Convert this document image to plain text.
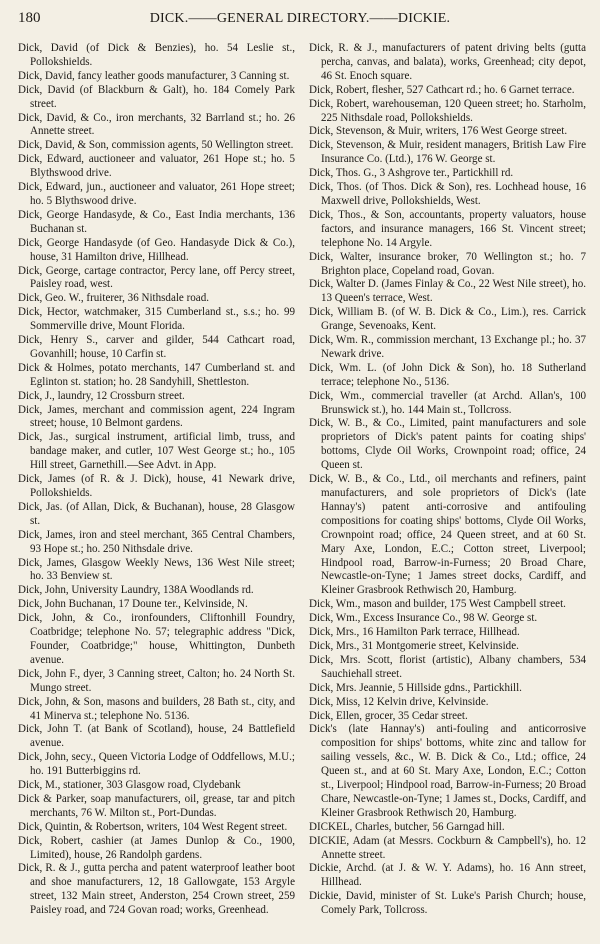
180	DICK.——GENERAL DIRECTORY.——DICKIE.

Dick, David (of Dick & Benzies), ho. 54 Leslie st., Pollokshields.

Dick, David, fancy leather goods manufacturer, 3 Canning st.

Dick, David (of Blackburn & Galt), ho. 184 Comely Park street.

Dick, David, & Co., iron merchants, 32 Barrland st.; ho. 26 Annette street.

Dick, David, & Son, commission agents, 50 Wellington street.

Dick, Edward, auctioneer and valuator, 261 Hope st.; ho. 5 Blythswood drive.

Dick, Edward, jun., auctioneer and valuator, 261 Hope street; ho. 5 Blythswood drive.

Dick, George Handasyde, & Co., East India merchants, 136 Buchanan st.

Dick, George Handasyde (of Geo. Handasyde Dick & Co.), house, 31 Hamilton drive, Hillhead.

Dick, George, cartage contractor, Percy lane, off Percy street, Paisley road, west.

Dick, Geo. W., fruiterer, 36 Nithsdale road.

Dick, Hector, watchmaker, 315 Cumberland st., s.s.; ho. 99 Sommerville drive, Mount Florida.

Dick, Henry S., carver and gilder, 544 Cathcart road, Govanhill; house, 10 Carfin st.

Dick & Holmes, potato merchants, 147 Cumberland st. and Eglinton st. station; ho. 28 Sandyhill, Shettleston.

Dick, J., laundry, 12 Crossburn street.

Dick, James, merchant and commission agent, 224 Ingram street; house, 10 Belmont gardens.

Dick, Jas., surgical instrument, artificial limb, truss, and bandage maker, and cutler, 107 West George st.; ho., 105 Hill street, Garnethill.—See Advt. in App.

Dick, James (of R. & J. Dick), house, 41 Newark drive, Pollokshields.

Dick, Jas. (of Allan, Dick, & Buchanan), house, 28 Glasgow st.

Dick, James, iron and steel merchant, 365 Central Chambers, 93 Hope st.; ho. 250 Nithsdale drive.

Dick, James, Glasgow Weekly News, 136 West Nile street; ho. 33 Benview st.

Dick, John, University Laundry, 138A Woodlands rd.

Dick, John Buchanan, 17 Doune ter., Kelvinside, N.

Dick, John, & Co., ironfounders, Cliftonhill Foundry, Coatbridge; telephone No. 57; telegraphic address "Dick, Founder, Coatbridge;" house, Whittington, Dunbeth avenue.

Dick, John F., dyer, 3 Canning street, Calton; ho. 24 North St. Mungo street.

Dick, John, & Son, masons and builders, 28 Bath st., city, and 41 Minerva st.; telephone No. 5136.

Dick, John T. (at Bank of Scotland), house, 24 Battlefield avenue.

Dick, John, secy., Queen Victoria Lodge of Oddfellows, M.U.; ho. 191 Butterbiggins rd.

Dick, M., stationer, 303 Glasgow road, Clydebank

Dick & Parker, soap manufacturers, oil, grease, tar and pitch merchants, 76 W. Milton st., Port-Dundas.

Dick, Quintin, & Robertson, writers, 104 West Regent street.

Dick, Robert, cashier (at James Dunlop & Co., 1900, Limited), house, 26 Randolph gardens.

Dick, R. & J., gutta percha and patent waterproof leather boot and shoe manufacturers, 12, 18 Gallowgate, 153 Argyle street, 132 Main street, Anderston, 254 Crown street, 259 Paisley road, and 724 Govan road; works, Greenhead.

Dick, R. & J., manufacturers of patent driving belts (gutta percha, canvas, and balata), works, Greenhead; city depot, 46 St. Enoch square.

Dick, Robert, flesher, 527 Cathcart rd.; ho. 6 Garnet terrace.

Dick, Robert, warehouseman, 120 Queen street; ho. Starholm, 225 Nithsdale road, Pollokshields.

Dick, Stevenson, & Muir, writers, 176 West George street.

Dick, Stevenson, & Muir, resident managers, British Law Fire Insurance Co. (Ltd.), 176 W. George st.

Dick, Thos. G., 3 Ashgrove ter., Partickhill rd.

Dick, Thos. (of Thos. Dick & Son), res. Lochhead house, 16 Maxwell drive, Pollokshields, West.

Dick, Thos., & Son, accountants, property valuators, house factors, and insurance managers, 166 St. Vincent street; telephone No. 14 Argyle.

Dick, Walter, insurance broker, 70 Wellington st.; ho. 7 Brighton place, Copeland road, Govan.

Dick, Walter D. (James Finlay & Co., 22 West Nile street), ho. 13 Queen's terrace, West.

Dick, William B. (of W. B. Dick & Co., Lim.), res. Carrick Grange, Sevenoaks, Kent.

Dick, Wm. R., commission merchant, 13 Exchange pl.; ho. 37 Newark drive.

Dick, Wm. L. (of John Dick & Son), ho. 18 Sutherland terrace; telephone No., 5136.

Dick, Wm., commercial traveller (at Archd. Allan's, 100 Brunswick st.), ho. 144 Main st., Tollcross.

Dick, W. B., & Co., Limited, paint manufacturers and sole proprietors of Dick's patent paints for coating ships' bottoms, Clyde Oil Works, Crownpoint road; office, 24 Queen st.

Dick, W. B., & Co., Ltd., oil merchants and refiners, paint manufacturers, and sole proprietors of Dick's (late Hannay's) patent anti-corrosive and antifouling compositions for coating ships' bottoms, Clyde Oil Works, Crownpoint road; office, 24 Queen street, and at 60 St. Mary Axe, London, E.C.; Cotton street, Liverpool; Hindpool road, Barrow-in-Furness; 20 Broad Chare, Newcastle-on-Tyne; 1 James street docks, Cardiff, and Kleiner Grasbrook Rethwisch 20, Hamburg.

Dick, Wm., mason and builder, 175 West Campbell street.

Dick, Wm., Excess Insurance Co., 98 W. George st.

Dick, Mrs., 16 Hamilton Park terrace, Hillhead.

Dick, Mrs., 31 Montgomerie street, Kelvinside.

Dick, Mrs. Scott, florist (artistic), Albany chambers, 534 Sauchiehall street.

Dick, Mrs. Jeannie, 5 Hillside gdns., Partickhill.

Dick, Miss, 12 Kelvin drive, Kelvinside.

Dick, Ellen, grocer, 35 Cedar street.

Dick's (late Hannay's) anti-fouling and anticorrosive composition for ships' bottoms, white zinc and tallow for sailing vessels, &c., W. B. Dick & Co., Ltd.; office, 24 Queen st., and at 60 St. Mary Axe, London, E.C.; Cotton st., Liverpool; Hindpool road, Barrow-in-Furness; 20 Broad Chare, Newcastle-on-Tyne; 1 James st., Docks, Cardiff, and Kleiner Grasbrook Rethwisch 20, Hamburg.

DICKEL, Charles, butcher, 56 Garngad hill.

DICKIE, Adam (at Messrs. Cockburn & Campbell's), ho. 12 Annette street.

Dickie, Archd. (at J. & W. Y. Adams), ho. 16 Ann street, Hillhead.

Dickie, David, minister of St. Luke's Parish Church; house, Comely Park, Tollcross.
